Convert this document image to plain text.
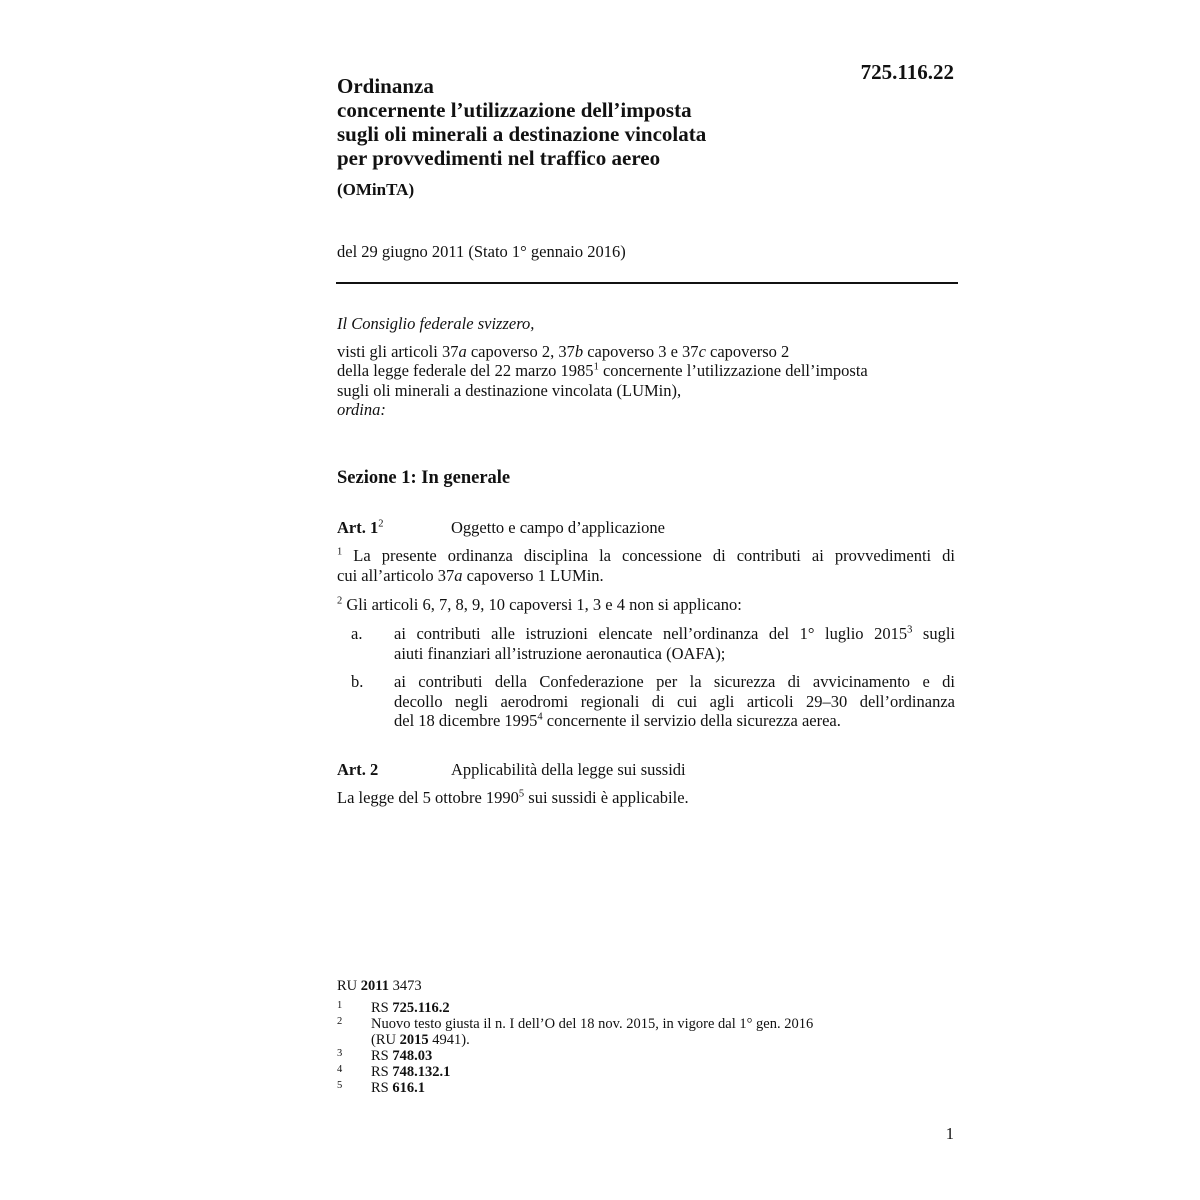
725.116.22
Ordinanza
concernente l’utilizzazione dell’imposta
sugli oli minerali a destinazione vincolata
per provvedimenti nel traffico aereo
(OMinTA)
del 29 giugno 2011 (Stato 1° gennaio 2016)
Il Consiglio federale svizzero,
visti gli articoli 37a capoverso 2, 37b capoverso 3 e 37c capoverso 2
della legge federale del 22 marzo 1985$^1$ concernente l’utilizzazione dell’imposta
sugli oli minerali a destinazione vincolata (LUMin),
ordina:
Sezione 1: In generale
Art. 1$^2$	Oggetto e campo d’applicazione
$^1$ La presente ordinanza disciplina la concessione di contributi ai provvedimenti di
cui all’articolo 37a capoverso 1 LUMin.
$^2$ Gli articoli 6, 7, 8, 9, 10 capoversi 1, 3 e 4 non si applicano:
a. ai contributi alle istruzioni elencate nell’ordinanza del 1° luglio 2015$^3$ sugli
aiuti finanziari all’istruzione aeronautica (OAFA);
b. ai contributi della Confederazione per la sicurezza di avvicinamento e di
decollo negli aerodromi regionali di cui agli articoli 29–30 dell’ordinanza
del 18 dicembre 1995$^4$ concernente il servizio della sicurezza aerea.
Art. 2	Applicabilità della legge sui sussidi
La legge del 5 ottobre 1990$^5$ sui sussidi è applicabile.
RU 2011 3473
1 RS 725.116.2
2 Nuovo testo giusta il n. I dell’O del 18 nov. 2015, in vigore dal 1° gen. 2016
(RU 2015 4941).
3 RS 748.03
4 RS 748.132.1
5 RS 616.1
1
